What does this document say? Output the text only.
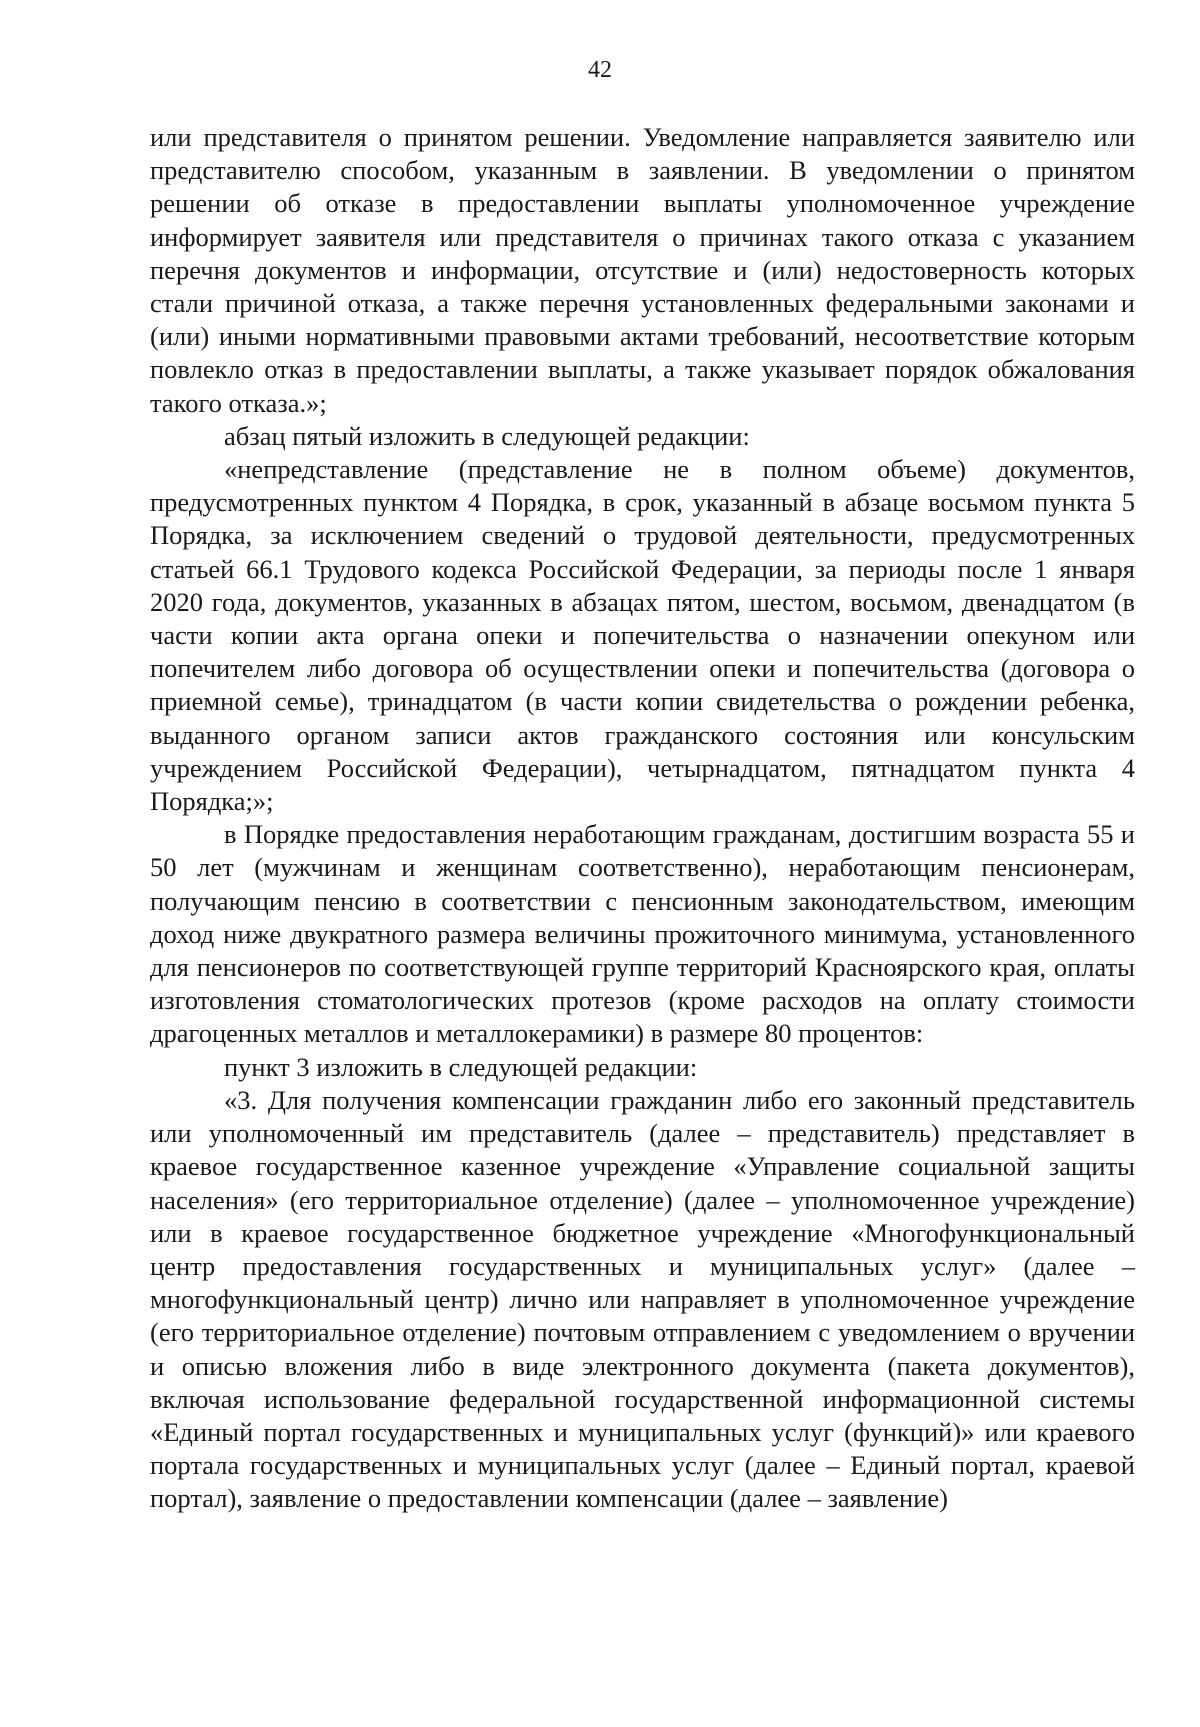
42

или представителя о принятом решении. Уведомление направляется заявителю или представителю способом, указанным в заявлении. В уведомлении о принятом решении об отказе в предоставлении выплаты уполномоченное учреждение информирует заявителя или представителя о причинах такого отказа с указанием перечня документов и информации, отсутствие и (или) недостоверность которых стали причиной отказа, а также перечня установленных федеральными законами и (или) иными нормативными правовыми актами требований, несоответствие которым повлекло отказ в предоставлении выплаты, а также указывает порядок обжалования такого отказа.»;

абзац пятый изложить в следующей редакции:

«непредставление (представление не в полном объеме) документов, предусмотренных пунктом 4 Порядка, в срок, указанный в абзаце восьмом пункта 5 Порядка, за исключением сведений о трудовой деятельности, предусмотренных статьей 66.1 Трудового кодекса Российской Федерации, за периоды после 1 января 2020 года, документов, указанных в абзацах пятом, шестом, восьмом, двенадцатом (в части копии акта органа опеки и попечительства о назначении опекуном или попечителем либо договора об осуществлении опеки и попечительства (договора о приемной семье), тринадцатом (в части копии свидетельства о рождении ребенка, выданного органом записи актов гражданского состояния или консульским учреждением Российской Федерации), четырнадцатом, пятнадцатом пункта 4 Порядка;»;

в Порядке предоставления неработающим гражданам, достигшим возраста 55 и 50 лет (мужчинам и женщинам соответственно), неработающим пенсионерам, получающим пенсию в соответствии с пенсионным законодательством, имеющим доход ниже двукратного размера величины прожиточного минимума, установленного для пенсионеров по соответствующей группе территорий Красноярского края, оплаты изготовления стоматологических протезов (кроме расходов на оплату стоимости драгоценных металлов и металлокерамики) в размере 80 процентов:

пункт 3 изложить в следующей редакции:

«3. Для получения компенсации гражданин либо его законный представитель или уполномоченный им представитель (далее – представитель) представляет в краевое государственное казенное учреждение «Управление социальной защиты населения» (его территориальное отделение) (далее – уполномоченное учреждение) или в краевое государственное бюджетное учреждение «Многофункциональный центр предоставления государственных и муниципальных услуг» (далее – многофункциональный центр) лично или направляет в уполномоченное учреждение (его территориальное отделение) почтовым отправлением с уведомлением о вручении и описью вложения либо в виде электронного документа (пакета документов), включая использование федеральной государственной информационной системы «Единый портал государственных и муниципальных услуг (функций)» или краевого портала государственных и муниципальных услуг (далее – Единый портал, краевой портал), заявление о предоставлении компенсации (далее – заявление)
